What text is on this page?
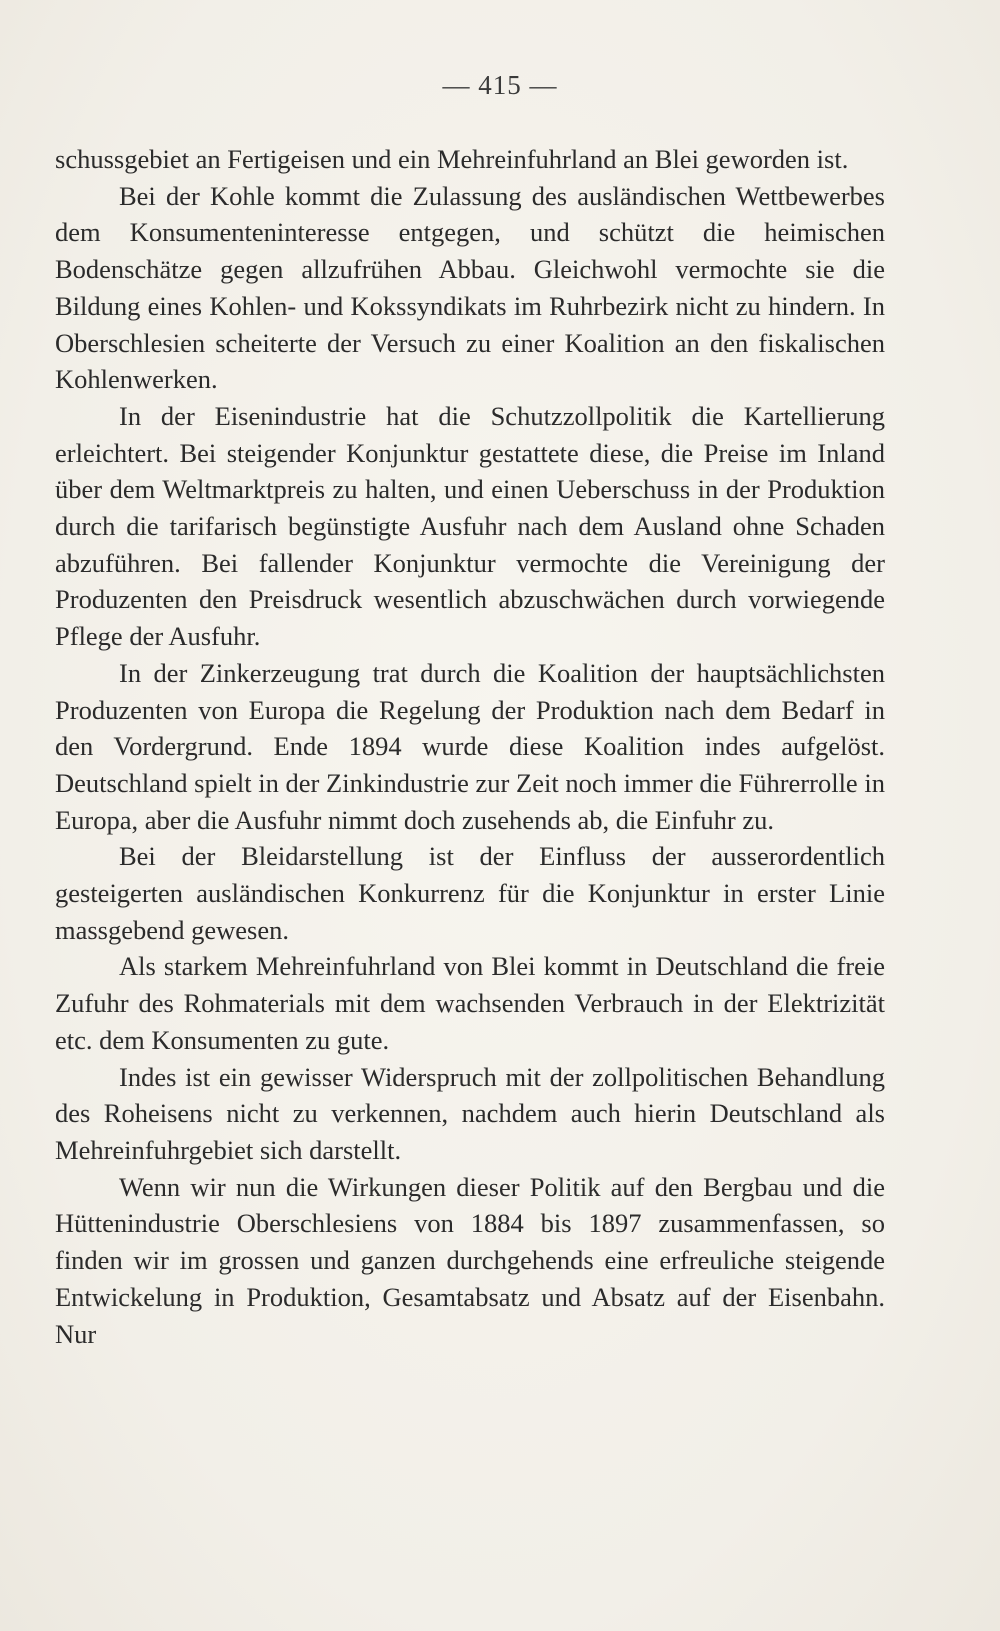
— 415 —

schussgebiet an Fertigeisen und ein Mehreinfuhrland an Blei geworden ist.

Bei der Kohle kommt die Zulassung des ausländischen Wettbewerbes dem Konsumenteninteresse entgegen, und schützt die heimischen Bodenschätze gegen allzufrühen Abbau. Gleichwohl vermochte sie die Bildung eines Kohlen- und Kokssyndikats im Ruhrbezirk nicht zu hindern. In Oberschlesien scheiterte der Versuch zu einer Koalition an den fiskalischen Kohlenwerken.

In der Eisenindustrie hat die Schutzzollpolitik die Kartellierung erleichtert. Bei steigender Konjunktur gestattete diese, die Preise im Inland über dem Weltmarktpreis zu halten, und einen Ueberschuss in der Produktion durch die tarifarisch begünstigte Ausfuhr nach dem Ausland ohne Schaden abzuführen. Bei fallender Konjunktur vermochte die Vereinigung der Produzenten den Preisdruck wesentlich abzuschwächen durch vorwiegende Pflege der Ausfuhr.

In der Zinkerzeugung trat durch die Koalition der hauptsächlichsten Produzenten von Europa die Regelung der Produktion nach dem Bedarf in den Vordergrund. Ende 1894 wurde diese Koalition indes aufgelöst. Deutschland spielt in der Zinkindustrie zur Zeit noch immer die Führerrolle in Europa, aber die Ausfuhr nimmt doch zusehends ab, die Einfuhr zu.

Bei der Bleidarstellung ist der Einfluss der ausserordentlich gesteigerten ausländischen Konkurrenz für die Konjunktur in erster Linie massgebend gewesen.

Als starkem Mehreinfuhrland von Blei kommt in Deutschland die freie Zufuhr des Rohmaterials mit dem wachsenden Verbrauch in der Elektrizität etc. dem Konsumenten zu gute.

Indes ist ein gewisser Widerspruch mit der zollpolitischen Behandlung des Roheisens nicht zu verkennen, nachdem auch hierin Deutschland als Mehreinfuhrgebiet sich darstellt.

Wenn wir nun die Wirkungen dieser Politik auf den Bergbau und die Hüttenindustrie Oberschlesiens von 1884 bis 1897 zusammenfassen, so finden wir im grossen und ganzen durchgehends eine erfreuliche steigende Entwickelung in Produktion, Gesamtabsatz und Absatz auf der Eisenbahn. Nur
